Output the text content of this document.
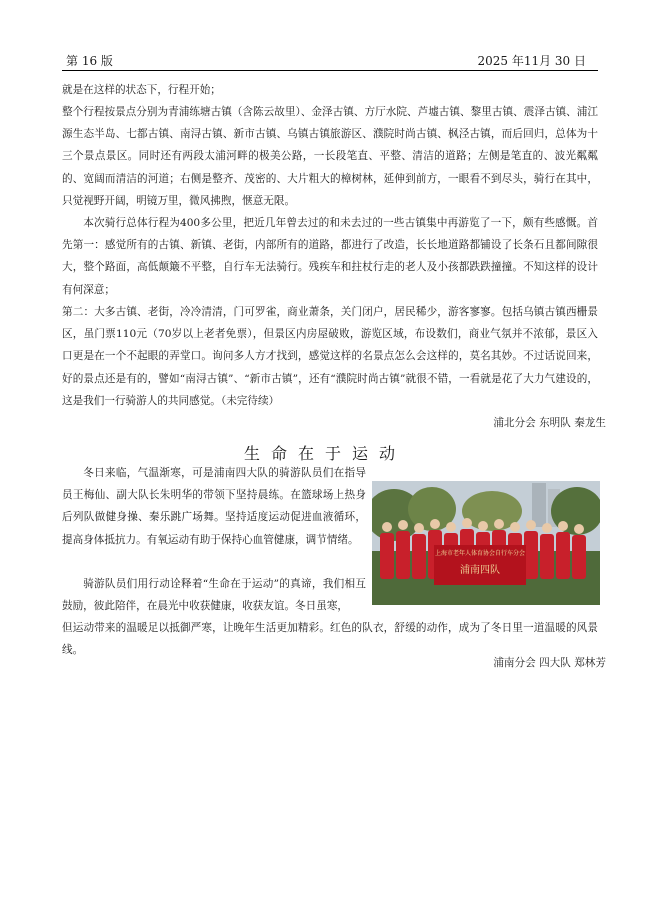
第 16 版	2025 年11月 30 日
就是在这样的状态下，行程开始；
整个行程按景点分别为青浦练塘古镇（含陈云故里）、金泽古镇、方厅水院、芦墟古镇、黎里古镇、震泽古镇、浦江源生态半岛、七都古镇、南浔古镇、新市古镇、乌镇古镇旅游区、濮院时尚古镇、枫泾古镇，而后回归，总体为十三个景点景区。同时还有两段太浦河畔的极美公路，一长段笔直、平整、清洁的道路；左侧是笔直的、波光粼粼的、宽阔而清洁的河道；右侧是整齐、茂密的、大片粗大的樟树林，延伸到前方，一眼看不到尽头，骑行在其中，只觉视野开阔，明镜万里，微风拂煦，惬意无限。
本次骑行总体行程为400多公里，把近几年曾去过的和未去过的一些古镇集中再游览了一下，颇有些感慨。首先第一：感觉所有的古镇、新镇、老街，内部所有的道路，都进行了改造，长长地道路都铺设了长条石且都间隙很大，整个路面，高低颠簸不平整，自行车无法骑行。残疾车和拄杖行走的老人及小孩都跌跌撞撞。不知这样的设计有何深意；
第二：大多古镇、老街，冷冷清清，门可罗雀，商业萧条，关门闭户，居民稀少，游客寥寥。包括乌镇古镇西栅景区，虽门票110元（70岁以上老者免票），但景区内房屋破败，游览区域，布设数们，商业气氛并不浓郁，景区入口更是在一个不起眼的弄堂口。询问多人方才找到，感觉这样的名景点怎么会这样的，莫名其妙。不过话说回来，好的景点还是有的，譬如“南浔古镇”、“新市古镇”，还有“濮院时尚古镇”就很不错，一看就是花了大力气建设的，这是我们一行骑游人的共同感觉。（未完待续）
浦北分会 东明队 秦龙生
生命在于运动
冬日来临，气温渐寒，可是浦南四大队的骑游队员们在指导员王梅仙、副大队长朱明华的带领下坚持晨练。在篮球场上热身后列队做健身操、秦乐跳广场舞。坚持适度运动促进血液循环，提高身体抵抗力。有氧运动有助于保持心血管健康，调节情绪。
骑游队员们用行动诠释着“生命在于运动”的真谛，我们相互鼓励，彼此陪伴，在晨光中收获健康，收获友谊。冬日虽寒，
但运动带来的温暖足以抵御严寒，让晚年生活更加精彩。红色的队衣，舒缓的动作，成为了冬日里一道温暖的风景线。
浦南分会 四大队 郑林芳
上海市老年人体育协会自行车分会
浦南四队
